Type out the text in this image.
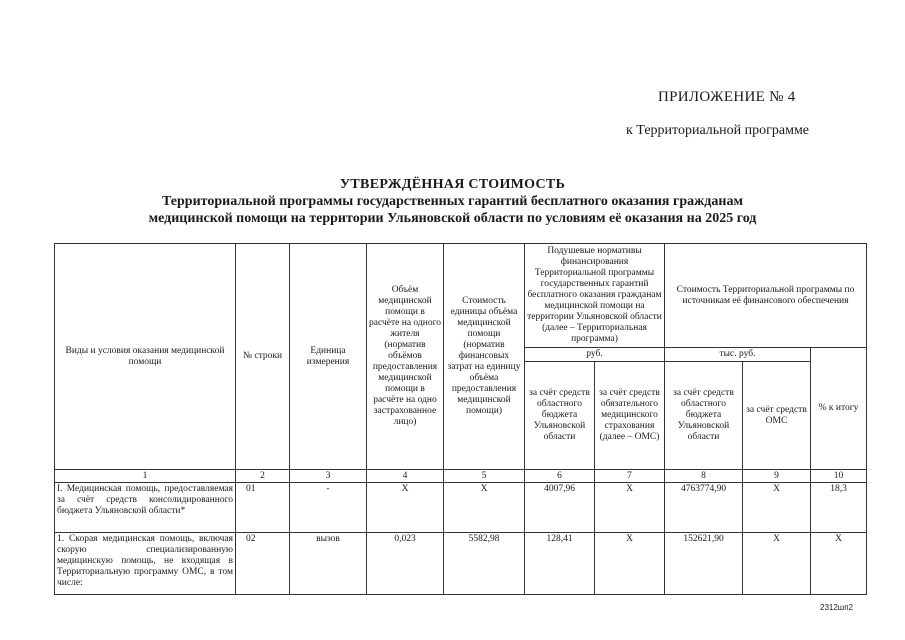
ПРИЛОЖЕНИЕ № 4
к Территориальной программе
УТВЕРЖДЁННАЯ СТОИМОСТЬ
Территориальной программы государственных гарантий бесплатного оказания гражданам
медицинской помощи на территории Ульяновской области по условиям её оказания на 2025 год
Виды и условия оказания медицинской помощи	№ строки	Единица измерения	Объём медицинской помощи в расчёте на одного жителя (норматив объёмов предоставления медицинской помощи в расчёте на одно застрахованное лицо)	Стоимость единицы объёма медицинской помощи (норматив финансовых затрат на единицу объёма предоставления медицинской помощи)	Подушевые нормативы финансирования Территориальной программы государственных гарантий бесплатного оказания гражданам медицинской помощи на территории Ульяновской области (далее – Территориальная программа)		Стоимость Территориальной программы по источникам её финансового обеспечения		
					руб.		тыс. руб.		% к итогу
					за счёт средств областного бюджета Ульяновской области	за счёт средств обязательного медицинского страхования (далее – ОМС)	за счёт средств областного бюджета Ульяновской области	за счёт средств ОМС	
1	2	3	4	5	6	7	8	9	10
I. Медицинская помощь, предоставляемая за счёт средств консолидированного бюджета Ульяновской области*	01	-	X	X	4007,96	X	4763774,90	X	18,3
1. Скорая медицинская помощь, включая скорую специализированную медицинскую помощь, не входящая в Территориальную программу ОМС, в том числе:	02	вызов	0,023	5582,98	128,41	X	152621,90	X	X
2312шп2
